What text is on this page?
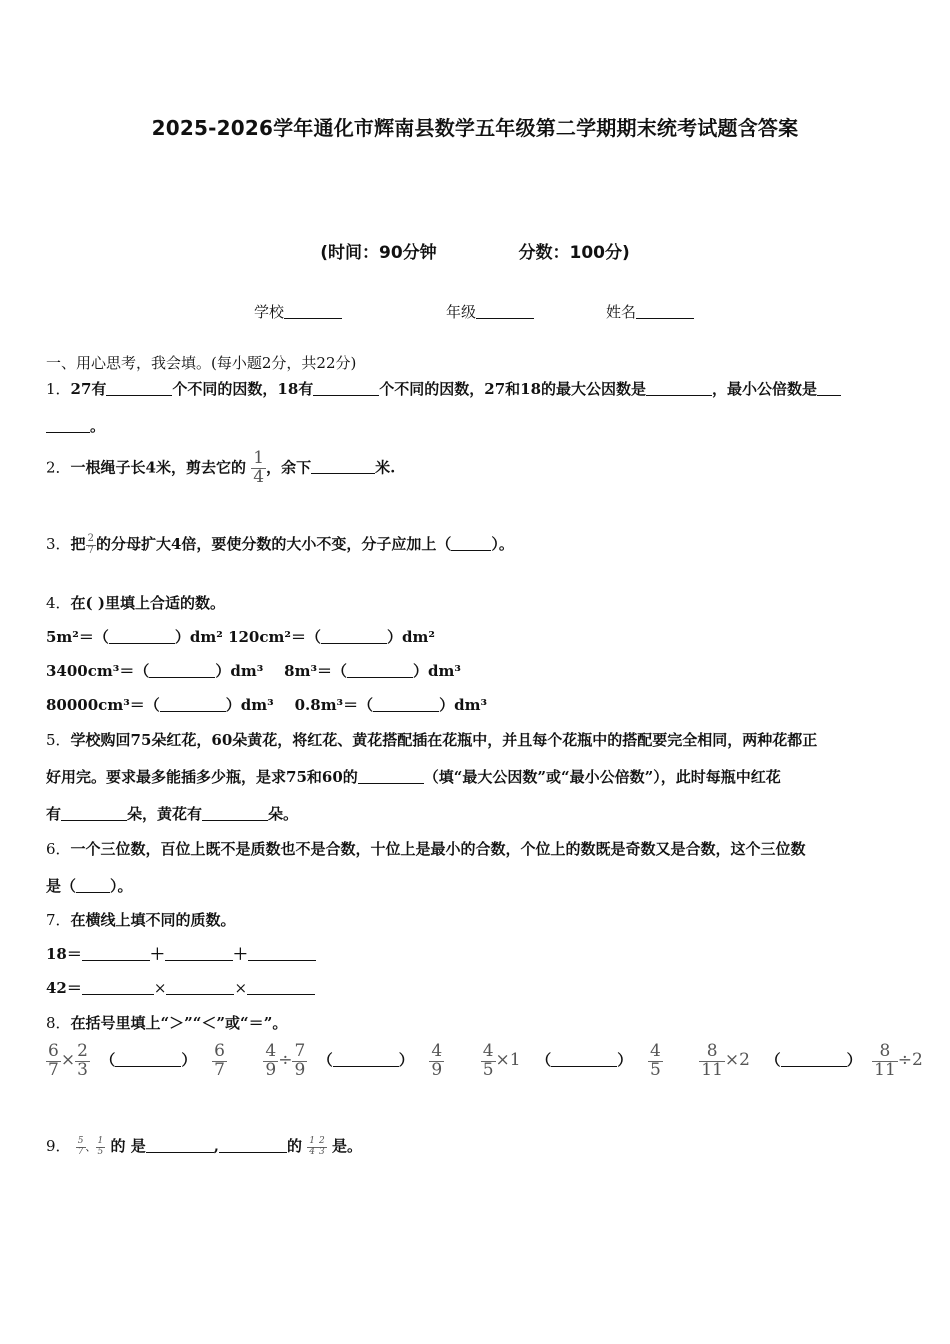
2025-2026学年通化市辉南县数学五年级第二学期期末统考试题含答案
(时间：90分钟	分数：100分)
学校	年级	姓名
一、用心思考，我会填。(每小题2分，共22分)
1．27有	个不同的因数，18有	个不同的因数，27和18的最大公因数是	，最小公倍数是
。
2．一根绳子长4米，剪去它的 $\frac{1}{4}$ ，余下	米.
3．把 $\frac{2}{7}$ 的分母扩大4倍，要使分数的大小不变，分子应加上（	）。
4．在( )里填上合适的数。
5m²＝（	）dm² 120cm²＝（	）dm²
3400cm³＝（	）dm³ 8m³＝（	）dm³
80000cm³＝（	）dm³ 0.8m³＝（	）dm³
5．学校购回75朵红花，60朵黄花，将红花、黄花搭配插在花瓶中，并且每个花瓶中的搭配要完全相同，两种花都正
好用完。要求最多能插多少瓶，是求75和60的	（填“最大公因数”或“最小公倍数”），此时每瓶中红花
有	朵，黄花有	朵。
6．一个三位数，百位上既不是质数也不是合数，十位上是最小的合数，个位上的数既是奇数又是合数，这个三位数
是（ ）。
7．在横线上填不同的质数。
18＝	＋	＋
42＝	×	×
8．在括号里填上“＞”“＜”或“＝”。
$\frac{6}{7} \times \frac{2}{3}$ （	） $\frac{6}{7}$
$\frac{4}{9} \div \frac{7}{9}$ （	） $\frac{4}{9}$
$\frac{4}{5} \times 1$ （	） $\frac{4}{5}$
$\frac{8}{11} \times 2$ （	） $\frac{8}{11} \div 2$
9． $\frac{5}{7}$ 、 $\frac{1}{5}$ 的 是	,	的 $\frac{1}{4} \frac{2}{3}$ 是。
